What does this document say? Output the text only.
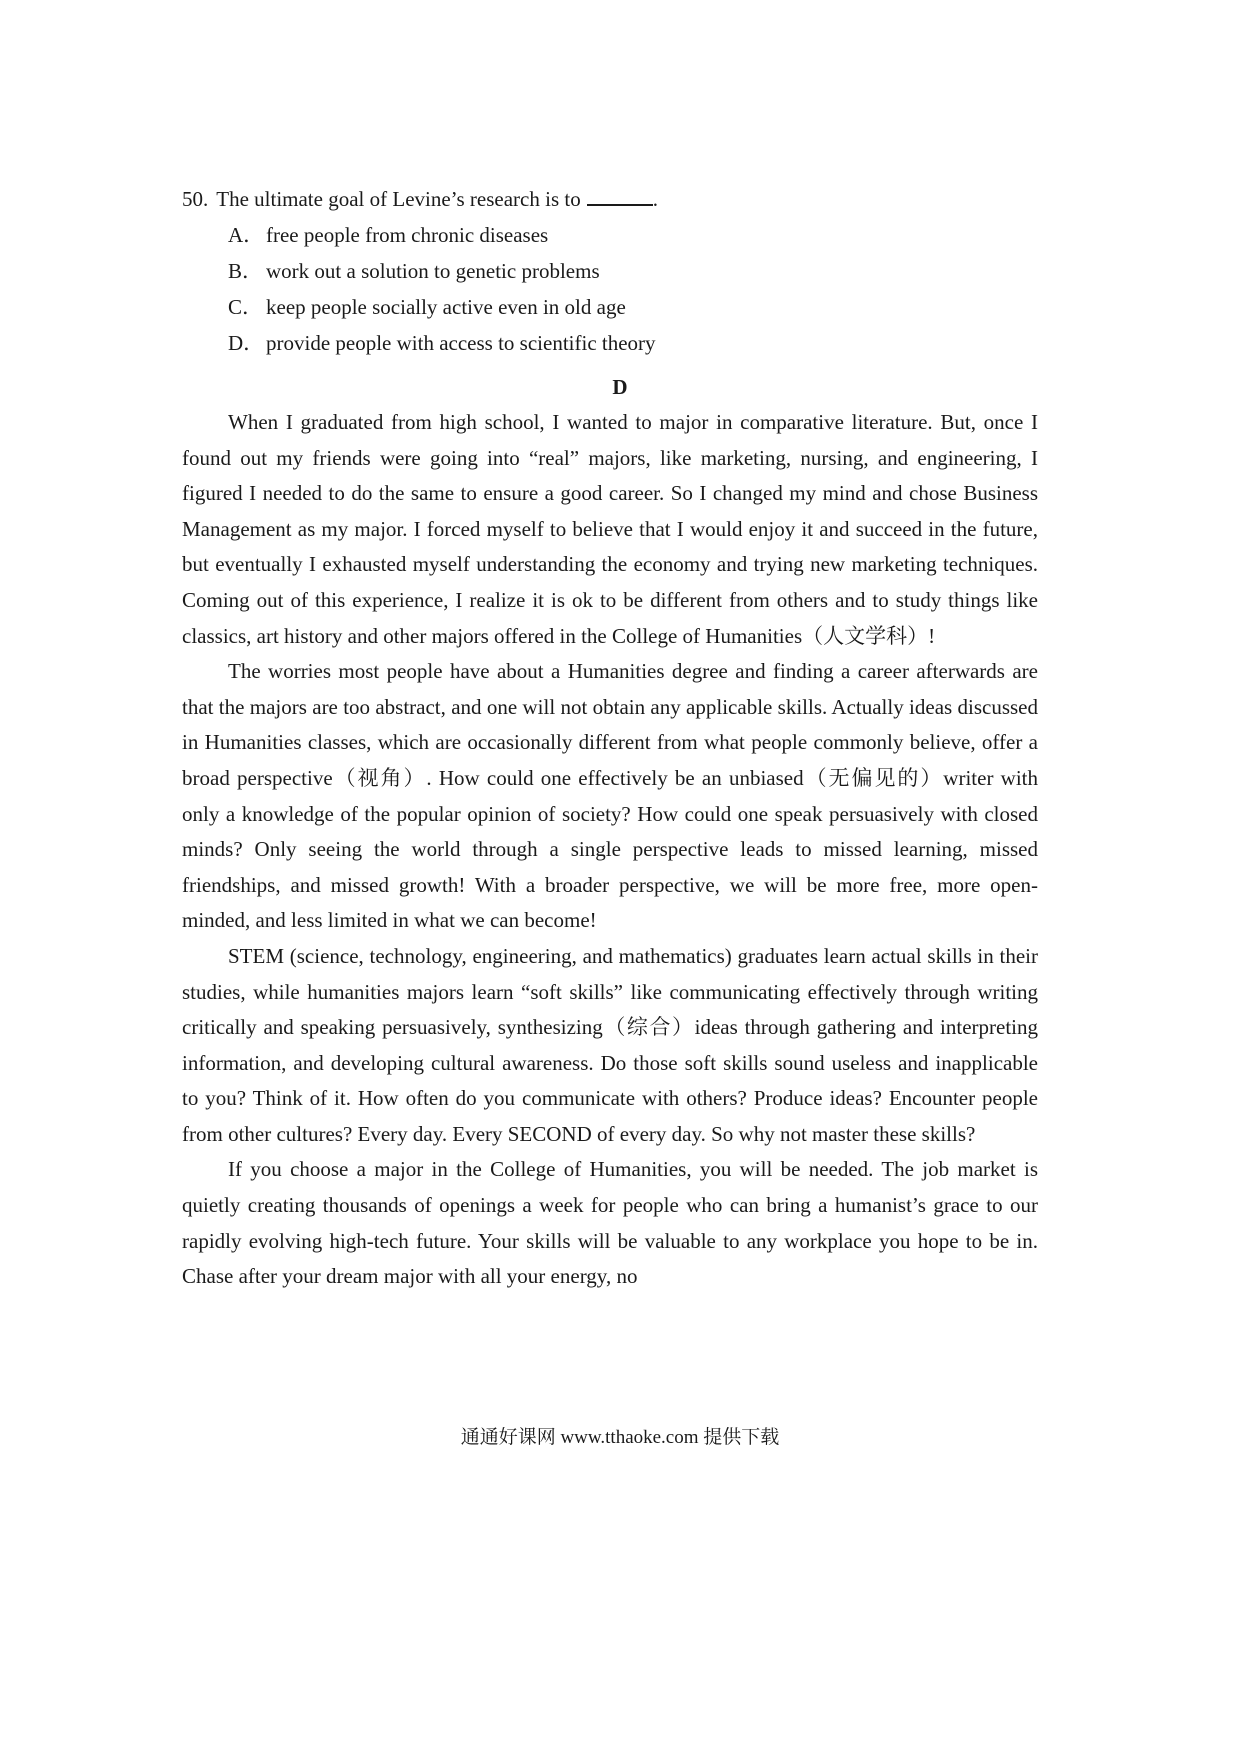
50. The ultimate goal of Levine’s research is to	.
A．free people from chronic diseases
B． work out a solution to genetic problems
C． keep people socially active even in old age
D．provide people with access to scientific theory
D

When I graduated from high school, I wanted to major in comparative literature. But, once I found out my friends were going into “real” majors, like marketing, nursing, and engineering, I figured I needed to do the same to ensure a good career. So I changed my mind and chose Business Management as my major. I forced myself to believe that I would enjoy it and succeed in the future, but eventually I exhausted myself understanding the economy and trying new marketing techniques. Coming out of this experience, I realize it is ok to be different from others and to study things like classics, art history and other majors offered in the College of Humanities（人文学科）!

The worries most people have about a Humanities degree and finding a career afterwards are that the majors are too abstract, and one will not obtain any applicable skills. Actually ideas discussed in Humanities classes, which are occasionally different from what people commonly believe, offer a broad perspective（视角）. How could one effectively be an unbiased（无偏见的）writer with only a knowledge of the popular opinion of society? How could one speak persuasively with closed minds? Only seeing the world through a single perspective leads to missed learning, missed friendships, and missed growth! With a broader perspective, we will be more free, more open-minded, and less limited in what we can become!

STEM (science, technology, engineering, and mathematics) graduates learn actual skills in their studies, while humanities majors learn “soft skills” like communicating effectively through writing critically and speaking persuasively, synthesizing（综合）ideas through gathering and interpreting information, and developing cultural awareness. Do those soft skills sound useless and inapplicable to you? Think of it. How often do you communicate with others? Produce ideas? Encounter people from other cultures? Every day. Every SECOND of every day. So why not master these skills?

If you choose a major in the College of Humanities, you will be needed. The job market is quietly creating thousands of openings a week for people who can bring a humanist’s grace to our rapidly evolving high-tech future. Your skills will be valuable to any workplace you hope to be in. Chase after your dream major with all your energy, no

通通好课网 www.tthaoke.com 提供下载
